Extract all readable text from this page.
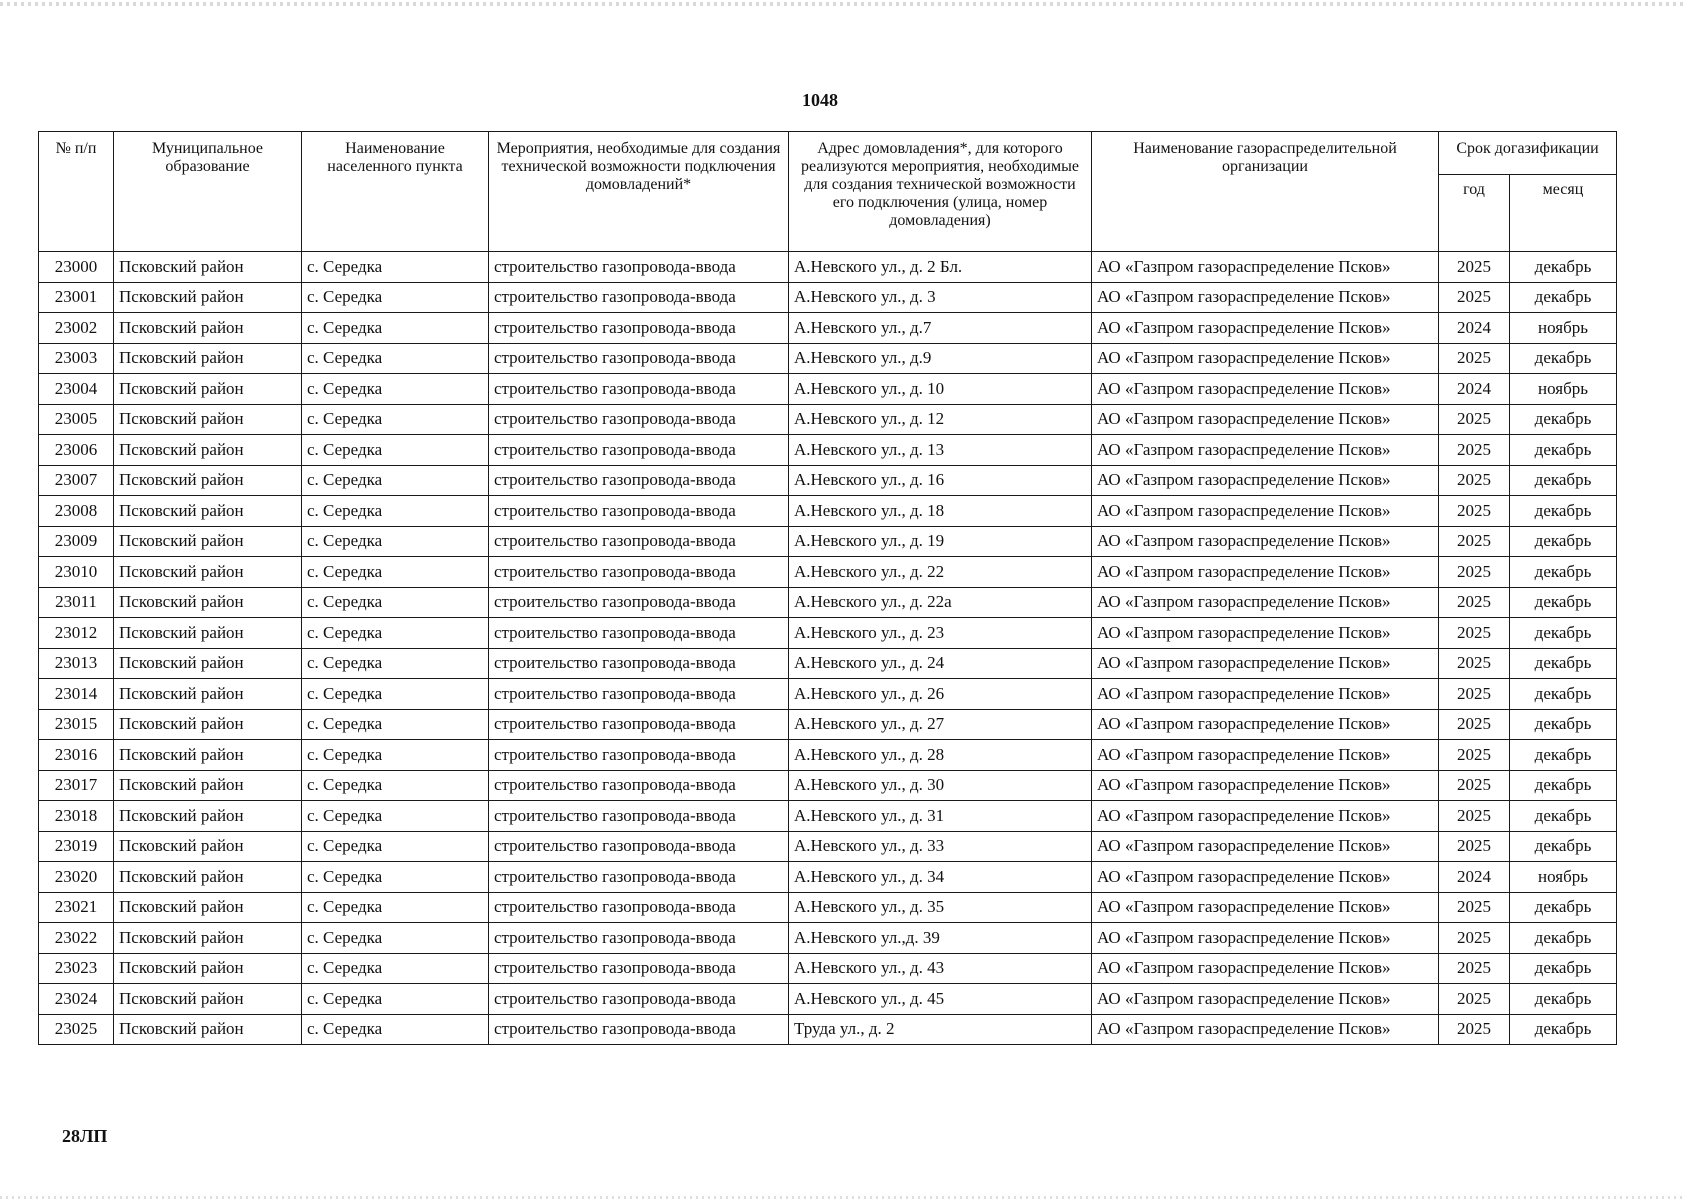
1048
№ п/п	Муниципальное образование	Наименование населенного пункта	Мероприятия, необходимые для создания технической возможности подключения домовладений*	Адрес домовладения*, для которого реализуются мероприятия, необходимые для создания технической возможности его подключения (улица, номер домовладения)	Наименование газораспределительной организации	Срок догазификации	
						год	месяц
23000	Псковский район	с. Середка	строительство газопровода-ввода	А.Невского ул., д. 2 Бл.	АО «Газпром газораспределение Псков»	2025	декабрь
23001	Псковский район	с. Середка	строительство газопровода-ввода	А.Невского ул., д. 3	АО «Газпром газораспределение Псков»	2025	декабрь
23002	Псковский район	с. Середка	строительство газопровода-ввода	А.Невского ул., д.7	АО «Газпром газораспределение Псков»	2024	ноябрь
23003	Псковский район	с. Середка	строительство газопровода-ввода	А.Невского ул., д.9	АО «Газпром газораспределение Псков»	2025	декабрь
23004	Псковский район	с. Середка	строительство газопровода-ввода	А.Невского ул., д. 10	АО «Газпром газораспределение Псков»	2024	ноябрь
23005	Псковский район	с. Середка	строительство газопровода-ввода	А.Невского ул., д. 12	АО «Газпром газораспределение Псков»	2025	декабрь
23006	Псковский район	с. Середка	строительство газопровода-ввода	А.Невского ул., д. 13	АО «Газпром газораспределение Псков»	2025	декабрь
23007	Псковский район	с. Середка	строительство газопровода-ввода	А.Невского ул., д. 16	АО «Газпром газораспределение Псков»	2025	декабрь
23008	Псковский район	с. Середка	строительство газопровода-ввода	А.Невского ул., д. 18	АО «Газпром газораспределение Псков»	2025	декабрь
23009	Псковский район	с. Середка	строительство газопровода-ввода	А.Невского ул., д. 19	АО «Газпром газораспределение Псков»	2025	декабрь
23010	Псковский район	с. Середка	строительство газопровода-ввода	А.Невского ул., д. 22	АО «Газпром газораспределение Псков»	2025	декабрь
23011	Псковский район	с. Середка	строительство газопровода-ввода	А.Невского ул., д. 22а	АО «Газпром газораспределение Псков»	2025	декабрь
23012	Псковский район	с. Середка	строительство газопровода-ввода	А.Невского ул., д. 23	АО «Газпром газораспределение Псков»	2025	декабрь
23013	Псковский район	с. Середка	строительство газопровода-ввода	А.Невского ул., д. 24	АО «Газпром газораспределение Псков»	2025	декабрь
23014	Псковский район	с. Середка	строительство газопровода-ввода	А.Невского ул., д. 26	АО «Газпром газораспределение Псков»	2025	декабрь
23015	Псковский район	с. Середка	строительство газопровода-ввода	А.Невского ул., д. 27	АО «Газпром газораспределение Псков»	2025	декабрь
23016	Псковский район	с. Середка	строительство газопровода-ввода	А.Невского ул., д. 28	АО «Газпром газораспределение Псков»	2025	декабрь
23017	Псковский район	с. Середка	строительство газопровода-ввода	А.Невского ул., д. 30	АО «Газпром газораспределение Псков»	2025	декабрь
23018	Псковский район	с. Середка	строительство газопровода-ввода	А.Невского ул., д. 31	АО «Газпром газораспределение Псков»	2025	декабрь
23019	Псковский район	с. Середка	строительство газопровода-ввода	А.Невского ул., д. 33	АО «Газпром газораспределение Псков»	2025	декабрь
23020	Псковский район	с. Середка	строительство газопровода-ввода	А.Невского ул., д. 34	АО «Газпром газораспределение Псков»	2024	ноябрь
23021	Псковский район	с. Середка	строительство газопровода-ввода	А.Невского ул., д. 35	АО «Газпром газораспределение Псков»	2025	декабрь
23022	Псковский район	с. Середка	строительство газопровода-ввода	А.Невского ул.,д. 39	АО «Газпром газораспределение Псков»	2025	декабрь
23023	Псковский район	с. Середка	строительство газопровода-ввода	А.Невского ул., д. 43	АО «Газпром газораспределение Псков»	2025	декабрь
23024	Псковский район	с. Середка	строительство газопровода-ввода	А.Невского ул., д. 45	АО «Газпром газораспределение Псков»	2025	декабрь
23025	Псковский район	с. Середка	строительство газопровода-ввода	Труда ул., д. 2	АО «Газпром газораспределение Псков»	2025	декабрь
28ЛП
